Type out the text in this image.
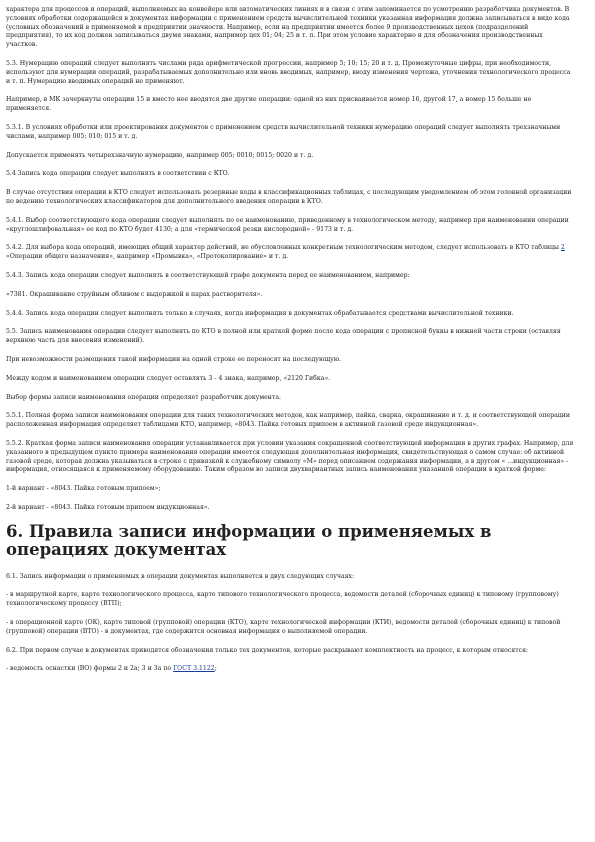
характера для процессов и операций, выполняемых на конвейере или автоматических линиях и в связи с этим запоминается по усмотрению разработчика документов. В условиях обработки содержащейся в документах информации с применением средств вычислительной техники указанная информация должна записываться в виде кода (условных обозначений в применяемой в предприятии значности. Например, если на предприятии имеется более 9 производственных цехов (подразделений предприятия), то их код должен записываться двумя знаками, например цех 01; 04; 25 и т. п. При этом условие характерно и для обозначения производственных участков.

5.3. Нумерацию операций следует выполнять числами ряда арифметической прогрессии, например 5; 10; 15; 20 и т. д. Промежуточные цифры, при необходимости, используют для нумерации операций, разрабатываемых дополнительно или вновь вводимых, например, вводу изменения чертежа, уточнения технологического процесса и т. п. Нумерацию вводимых операций не применяют.

Например, в МК зачеркнуты операции 15 и вместо нее вводятся две другие операции: одной из них присваивается номер 16, другой 17, а номер 15 больше не применяется.

5.3.1. В условиях обработки или проектирования документов с применением средств вычислительной техники нумерацию операций следует выполнять трехзначными числами, например 005; 010; 015 и т. д.

Допускается применять четырехзначную нумерацию, например 005; 0010; 0015; 0020 и т. д.

5.4 Запись кода операции следует выполнять в соответствии с КТО.

В случае отсутствия операции в КТО следует использовать резервные коды в классификационных таблицах, с последующим уведомлением об этом головной организации по ведению технологических классификаторов для дополнительного введения операции в КТО.

5.4.1. Выбор соответствующего кода операции следует выполнять по ее наименованию, приведенному в технологическом методу, например при наименовании операции «круглошлифовальная» ее код по КТО будет 4130; а для «термической резки кислородной» - 9173 и т. д.

5.4.2. Для выбора кода операций, имеющих общий характер действий, не обусловленных конкретным технологическим методом, следует использовать в КТО таблицы 2 «Операции общего назначения», например «Промывка», «Протоколирование» и т. д.

5.4.3. Запись кода операции следует выполнять в соответствующей графе документа перед ее наименованием, например:

«7381. Окрашивание струйным обливом с выдержкой в парах растворителя».

5.4.4. Запись кода операции следует выполнять только в случаях, когда информация в документах обрабатывается средствами вычислительной техники.

5.5. Запись наименования операции следует выполнять по КТО в полной или краткой форме после кода операции с прописной буквы в нижней части строки (оставляя верхнюю часть для внесения изменений).

При невозможности размещения такой информации на одной строке ее переносят на последующую.

Между кодом и наименованием операции следует оставлять 3 - 4 знака, например, «2120 Гибка».

Выбор формы записи наименования операции определяет разработчик документа.

5.5.1. Полная форма записи наименования операции для таких технологических методов, как например, пайка, сварка, окрашивание и т. д. и соответствующей операции расположенная информация определяет таблицами КТО, например, «8043. Пайка готовых припоем в активной газовой среде индукционная».

5.5.2. Краткая форма записи наименования операции устанавливается при условии указания сокращенной соответствующей информации в других графах. Например, для указанного в предыдущем пункте примера наименования операции имеется следующая дополнительная информация, свидетельствующая о самом случае: об активной газовой среде, которая должна указываться в строке с привязкой к служебному символу «М» перед описанием содержания информации, а в другом « ...индукционная» - информация, относящаяся к применяемому оборудованию. Таким образом во записи двухвариантных запись наименования указанной операции в краткой форме:

1-й вариант - «8043. Пайка готовым припоем»;

2-й вариант - «8043. Пайка готовым припоем индукционная».

6. Правила записи информации о применяемых в операциях документах

6.1. Запись информации о применяемых в операции документах выполняется в двух следующих случаях:

- в маршрутной карте, карте технологического процесса, карте типового технологического процесса, ведомости деталей (сборочных единиц) к типовому (групповому) технологическому процессу (ВТП);

- в операционной карте (ОК), карте типовой (групповой) операции (КТО), карте технологической информации (КТИ), ведомости деталей (сборочных единиц) к типовой (групповой) операции (ВТО) - в документах, где содержится основная информация о выполняемой операции.

6.2. При первом случае в документах приводятся обозначения только тех документов, которые раскрывают комплектность на процесс, к которым относятся:

- ведомость оснастки (ВО) формы 2 и 2а; 3 и 3а по ГОСТ 3.1122;
